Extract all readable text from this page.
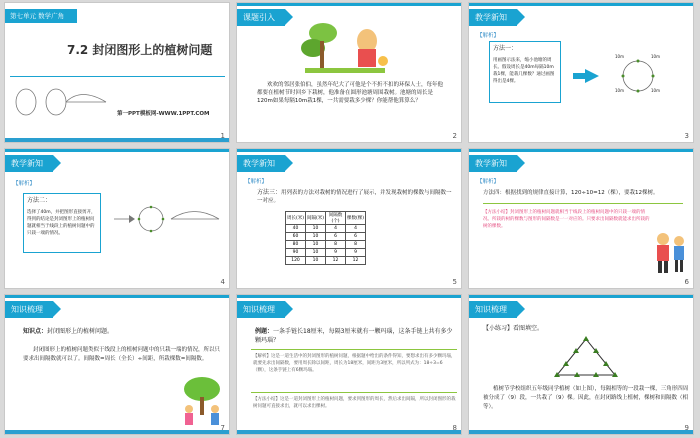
第七单元 数学广角
7.2 封闭图形上的植树问题
第一PPT模板网-WWW.1PPT.COM
1
课题引入
欢欢的邻居张伯伯，虽然年纪大了可他是个不折不扣的环保人士，每年他都要在植树节时回乡下栽树，他准备在圆形池塘周围栽树。池塘的周长是120m如果每隔10m栽1棵，一共需要栽多少棵？你能帮他算算么？
2
教学新知
【解析】
方法一：
用画图示法来，缩小池塘的周长。假设周长是40m每隔10m栽1棵，能栽几棵数？通过画图得出是4棵。
10m	10m
10m	10m
3
教学新知
【解析】
方法二：
选择了40m，并把图形直接剪开，得到的结论是封闭图形上的植树问题就相当于线段上的植树问题中的只栽一端的情况。
4
教学新知
【解析】
方法三：用列表的方法对栽树的情况进行了展示，并发现栽树的棵数与间隔数一一对应。
周长(米)	间隔(米)	间隔数(个)	棵数(棵)
40	10	4	4
60	10	6	6
80	10	8	8
90	10	9	9
120	10	12	12
5
教学新知
【解析】
方法四：根据找到的规律直接计算，120÷10=12（棵），要栽12棵树。
【方法小结】封闭图形上的植树问题就相当于线段上的植树问题中的只栽一端的情况。所栽的树的棵数与图形的间隔数是一一对应的。只要求出间隔数就能求出所栽的树的棵数。
6
知识梳理
知识点：封闭图形上的植树问题。
封闭图形上的植树问题类似于线段上的植树问题中的只栽一端的情况，所以只要求出间隔数就可以了。间隔数=周长（全长）÷间距，所栽棵数=间隔数。
7
知识梳理
例题：一条手链长18厘米，每隔3厘米就有一颗玛瑙，这条手链上共有多少颗玛瑙？
【解析】这是一道生活中的封闭图形的植树问题，根据题中给出的条件得知，要想求出有多少颗玛瑙，就要先求出间隔数，要用周长除以间距，周长为18厘米，间距为3厘米，所以列式为：18÷3=6（颗），这条手链上有6颗玛瑙。
【方法小结】这是一道封闭图形上的植树问题，要求到图形的周长，然后求出间隔，所以封闭图形的栽树问题可直接求出，就可以求出棵树。
8
知识梳理
【小练习】看图填空。
植树节学校组织五年级同学植树（如上图），每隔相等的一段栽一棵，三角形四周被分成了（9）段，一共栽了（9）棵。因此，在封闭路线上植树，棵树和间隔数（相等）。
9
